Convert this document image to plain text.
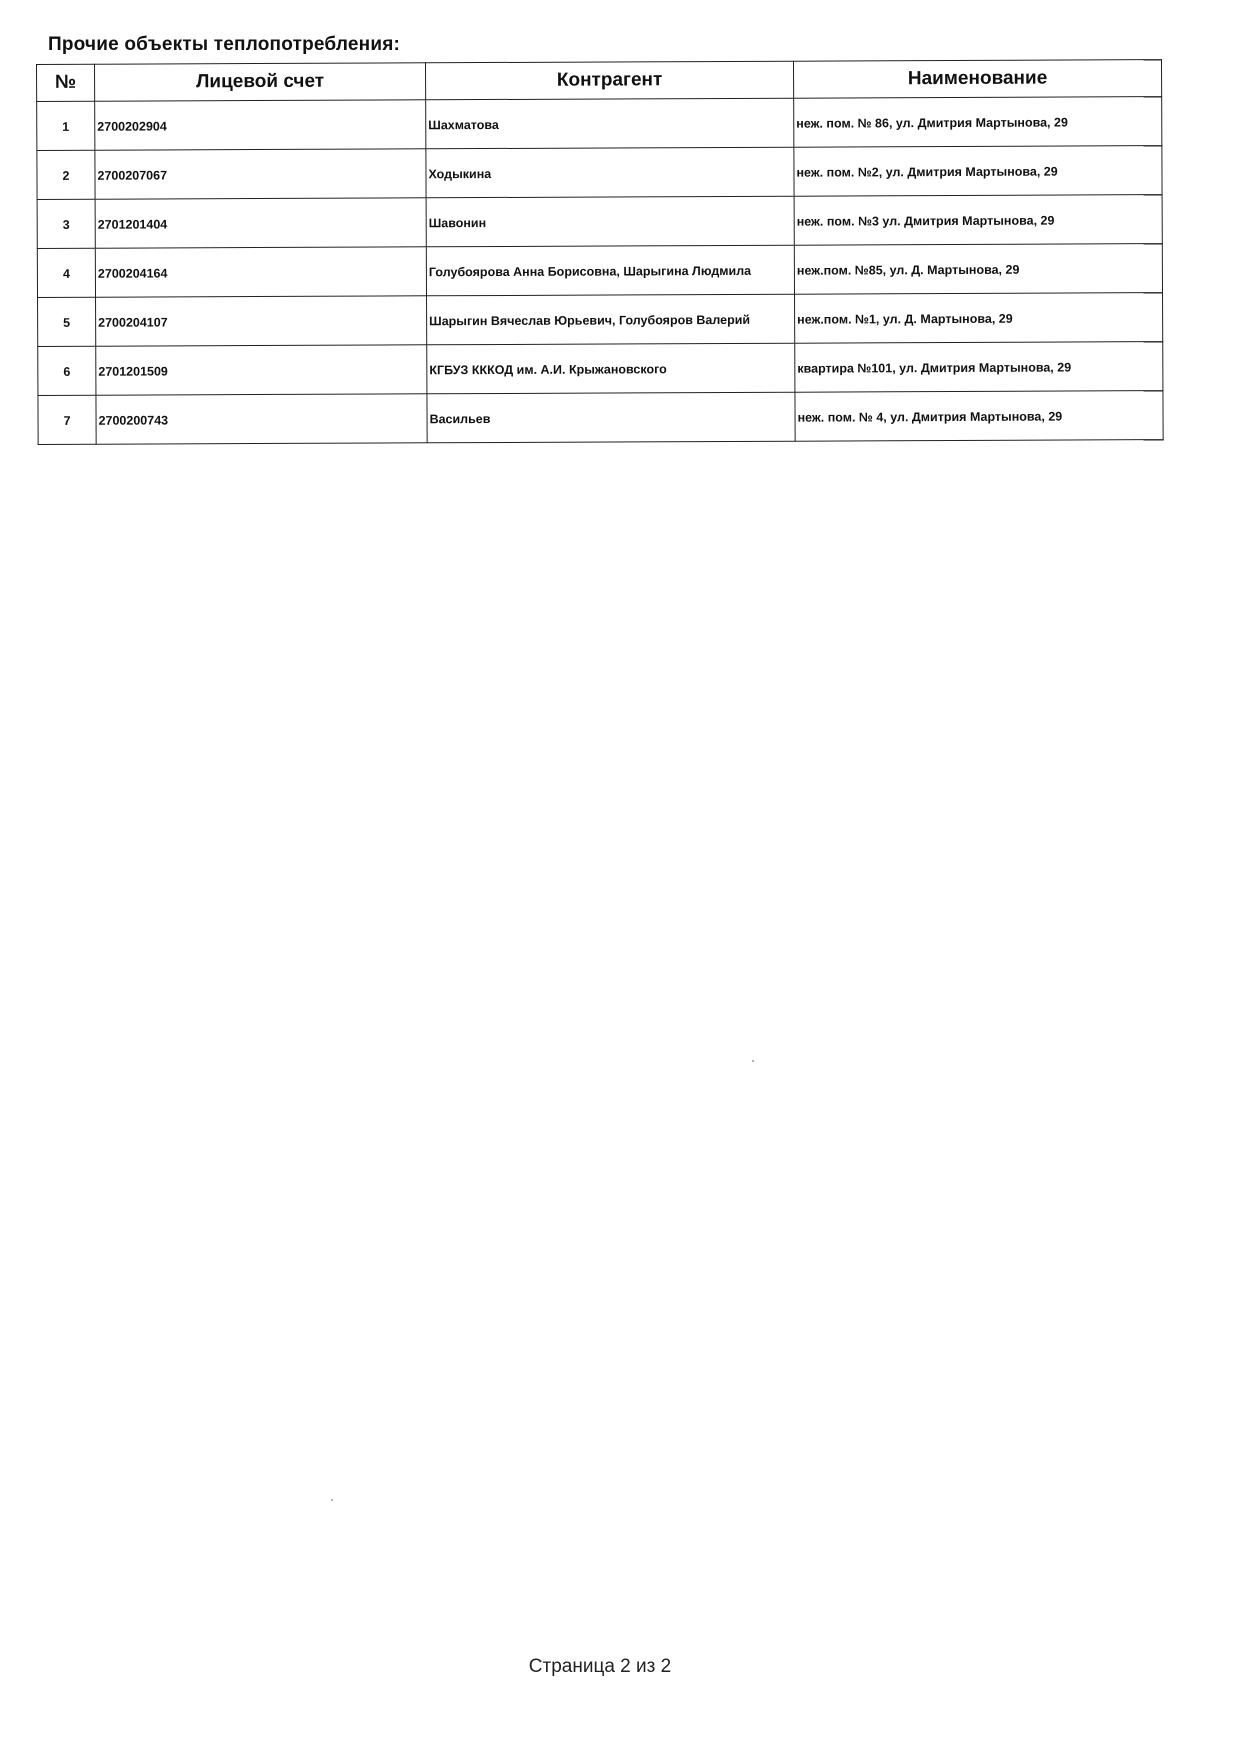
Прочие объекты теплопотребления:
№	Лицевой счет	Контрагент	Наименование
1	2700202904	Шахматова	неж. пом. № 86, ул. Дмитрия Мартынова, 29
2	2700207067	Ходыкина	неж. пом. №2, ул. Дмитрия Мартынова, 29
3	2701201404	Шавонин	неж. пом. №3 ул. Дмитрия Мартынова, 29
4	2700204164	Голубоярова Анна Борисовна, Шарыгина Людмила	неж.пом. №85, ул. Д. Мартынова, 29
5	2700204107	Шарыгин Вячеслав Юрьевич, Голубояров Валерий	неж.пом. №1, ул. Д. Мартынова, 29
6	2701201509	КГБУЗ КККОД им. А.И. Крыжановского	квартира №101, ул. Дмитрия Мартынова, 29
7	2700200743	Васильев	неж. пом. № 4, ул. Дмитрия Мартынова, 29
Страница 2 из 2
